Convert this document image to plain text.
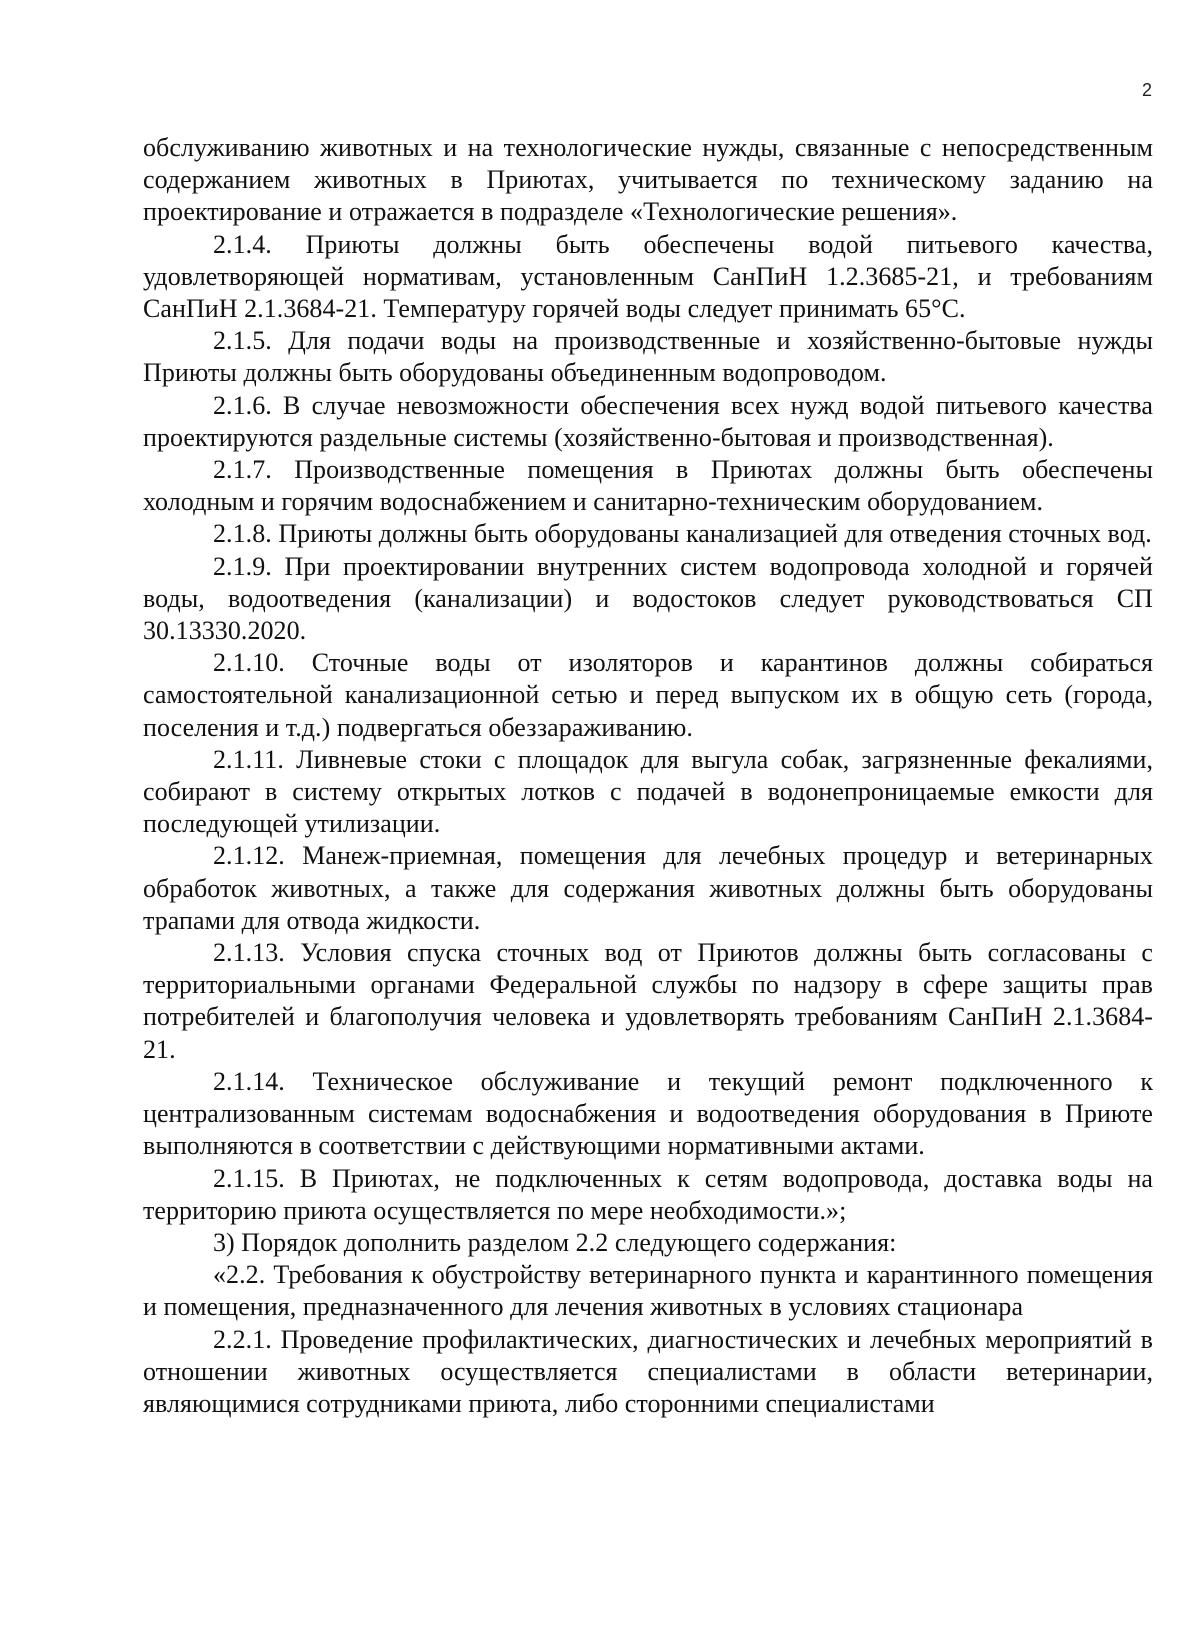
2

обслуживанию животных и на технологические нужды, связанные с непосредственным содержанием животных в Приютах, учитывается по техническому заданию на проектирование и отражается в подразделе «Технологические решения».

2.1.4. Приюты должны быть обеспечены водой питьевого качества, удовлетворяющей нормативам, установленным СанПиН 1.2.3685-21, и требованиям СанПиН 2.1.3684-21. Температуру горячей воды следует принимать 65°С.

2.1.5. Для подачи воды на производственные и хозяйственно-бытовые нужды Приюты должны быть оборудованы объединенным водопроводом.

2.1.6. В случае невозможности обеспечения всех нужд водой питьевого качества проектируются раздельные системы (хозяйственно-бытовая и производственная).

2.1.7. Производственные помещения в Приютах должны быть обеспечены холодным и горячим водоснабжением и санитарно-техническим оборудованием.

2.1.8. Приюты должны быть оборудованы канализацией для отведения сточных вод.

2.1.9. При проектировании внутренних систем водопровода холодной и горячей воды, водоотведения (канализации) и водостоков следует руководствоваться СП 30.13330.2020.

2.1.10. Сточные воды от изоляторов и карантинов должны собираться самостоятельной канализационной сетью и перед выпуском их в общую сеть (города, поселения и т.д.) подвергаться обеззараживанию.

2.1.11. Ливневые стоки с площадок для выгула собак, загрязненные фекалиями, собирают в систему открытых лотков с подачей в водонепроницаемые емкости для последующей утилизации.

2.1.12. Манеж-приемная, помещения для лечебных процедур и ветеринарных обработок животных, а также для содержания животных должны быть оборудованы трапами для отвода жидкости.

2.1.13. Условия спуска сточных вод от Приютов должны быть согласованы с территориальными органами Федеральной службы по надзору в сфере защиты прав потребителей и благополучия человека и удовлетворять требованиям СанПиН 2.1.3684-21.

2.1.14. Техническое обслуживание и текущий ремонт подключенного к централизованным системам водоснабжения и водоотведения оборудования в Приюте выполняются в соответствии с действующими нормативными актами.

2.1.15. В Приютах, не подключенных к сетям водопровода, доставка воды на территорию приюта осуществляется по мере необходимости.»;

3) Порядок дополнить разделом 2.2 следующего содержания:

«2.2. Требования к обустройству ветеринарного пункта и карантинного помещения и помещения, предназначенного для лечения животных в условиях стационара

2.2.1. Проведение профилактических, диагностических и лечебных мероприятий в отношении животных осуществляется специалистами в области ветеринарии, являющимися сотрудниками приюта, либо сторонними специалистами
